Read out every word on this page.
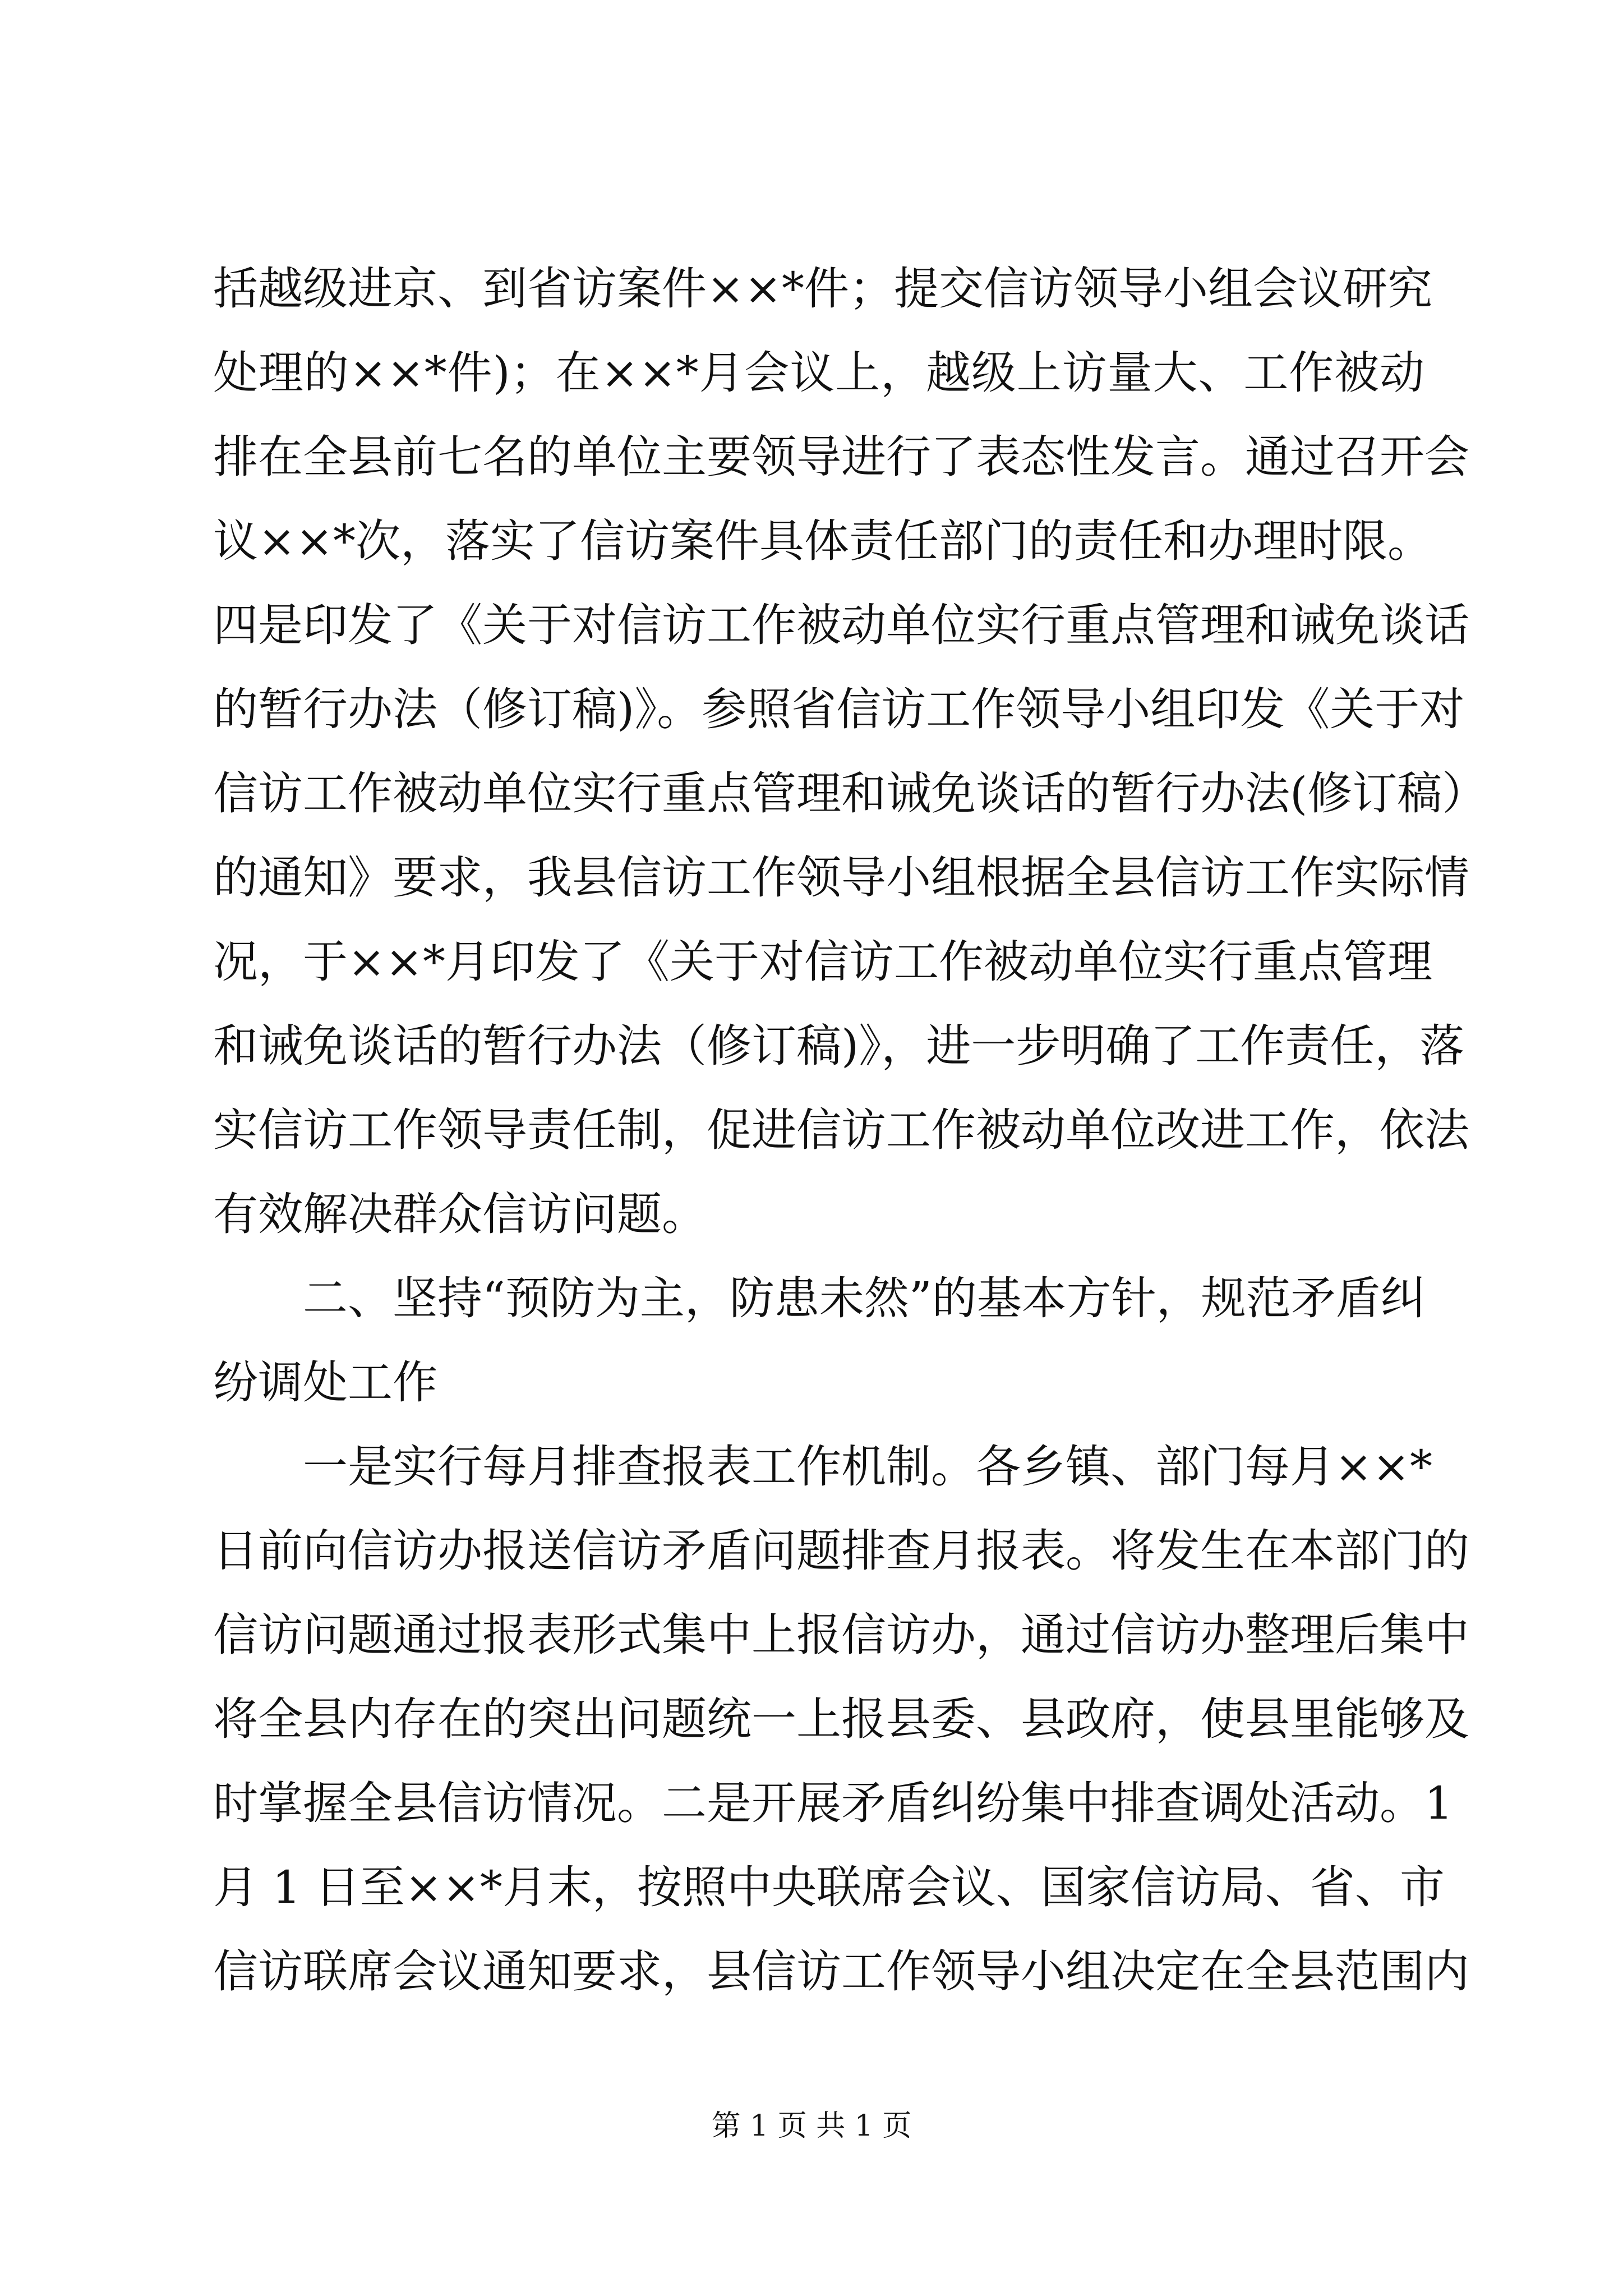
括越级进京、到省访案件××*件；提交信访领导小组会议研究
处理的××*件)；在××*月会议上，越级上访量大、工作被动
排在全县前七名的单位主要领导进行了表态性发言。通过召开会
议××*次，落实了信访案件具体责任部门的责任和办理时限。
四是印发了《关于对信访工作被动单位实行重点管理和诫免谈话
的暂行办法（修订稿)》。参照省信访工作领导小组印发《关于对
信访工作被动单位实行重点管理和诫免谈话的暂行办法(修订稿）
的通知》要求，我县信访工作领导小组根据全县信访工作实际情
况，于××*月印发了《关于对信访工作被动单位实行重点管理
和诫免谈话的暂行办法（修订稿)》，进一步明确了工作责任，落
实信访工作领导责任制，促进信访工作被动单位改进工作，依法
有效解决群众信访问题。
二、坚持“预防为主，防患未然”的基本方针，规范矛盾纠
纷调处工作
一是实行每月排查报表工作机制。各乡镇、部门每月××*
日前向信访办报送信访矛盾问题排查月报表。将发生在本部门的
信访问题通过报表形式集中上报信访办，通过信访办整理后集中
将全县内存在的突出问题统一上报县委、县政府，使县里能够及
时掌握全县信访情况。二是开展矛盾纠纷集中排查调处活动。1
月 1 日至××*月末，按照中央联席会议、国家信访局、省、市
信访联席会议通知要求，县信访工作领导小组决定在全县范围内
第 1 页 共 1 页
